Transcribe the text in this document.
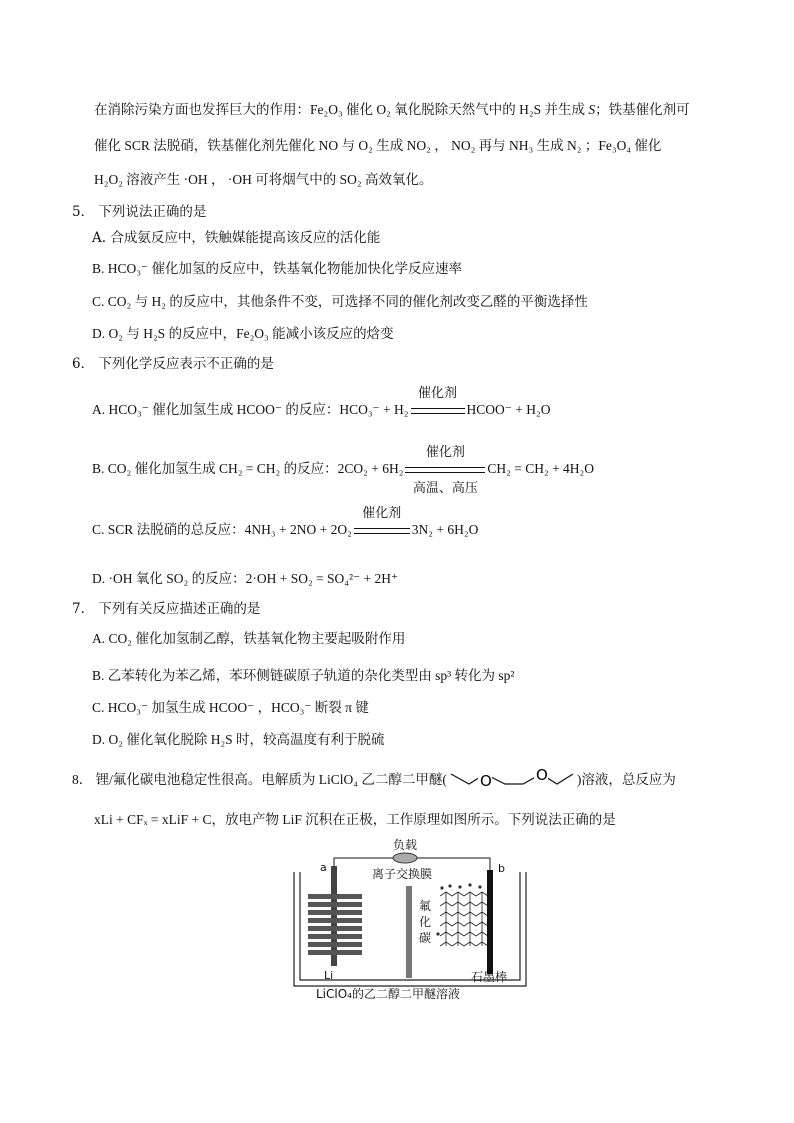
在消除污染方面也发挥巨大的作用：Fe₂O₃ 催化 O₂ 氧化脱除天然气中的 H₂S 并生成 S；铁基催化剂可
催化 SCR 法脱硝，铁基催化剂先催化 NO 与 O₂ 生成 NO₂ ， NO₂ 再与 NH₃ 生成 N₂ ；Fe₃O₄ 催化
H₂O₂ 溶液产生 ·OH ， ·OH 可将烟气中的 SO₂ 高效氧化。
5． 下列说法正确的是
A. 合成氨反应中，铁触媒能提高该反应的活化能
B. HCO₃⁻ 催化加氢的反应中，铁基氧化物能加快化学反应速率
C. CO₂ 与 H₂ 的反应中，其他条件不变，可选择不同的催化剂改变乙醛的平衡选择性
D. O₂ 与 H₂S 的反应中，Fe₂O₃ 能减小该反应的焓变
6． 下列化学反应表示不正确的是
A. HCO₃⁻ 催化加氢生成 HCOO⁻ 的反应：HCO₃⁻ + H₂
催化剂
HCOO⁻ + H₂O
B. CO₂ 催化加氢生成 CH₂ = CH₂ 的反应：2CO₂ + 6H₂
催化剂
高温、高压
CH₂ = CH₂ + 4H₂O
C. SCR 法脱硝的总反应：4NH₃ + 2NO + 2O₂
催化剂
3N₂ + 6H₂O
D. ·OH 氧化 SO₂ 的反应：2·OH + SO₂ = SO₄²⁻ + 2H⁺
7． 下列有关反应描述正确的是
A. CO₂ 催化加氢制乙醇，铁基氧化物主要起吸附作用
B. 乙苯转化为苯乙烯，苯环侧链碳原子轨道的杂化类型由 sp³ 转化为 sp²
C. HCO₃⁻ 加氢生成 HCOO⁻ ，HCO₃⁻ 断裂 π 键
D. O₂ 催化氧化脱除 H₂S 时，较高温度有利于脱硫
8． 锂/氟化碳电池稳定性很高。电解质为 LiClO₄ 乙二醇二甲醚( O	O )溶液，总反应为
xLi + CFₓ = xLiF + C，放电产物 LiF 沉积在正极，工作原理如图所示。下列说法正确的是
负载
离子交换膜
a
Li
氟
化
碳
b
石墨棒
LiClO₄的乙二醇二甲醚溶液
